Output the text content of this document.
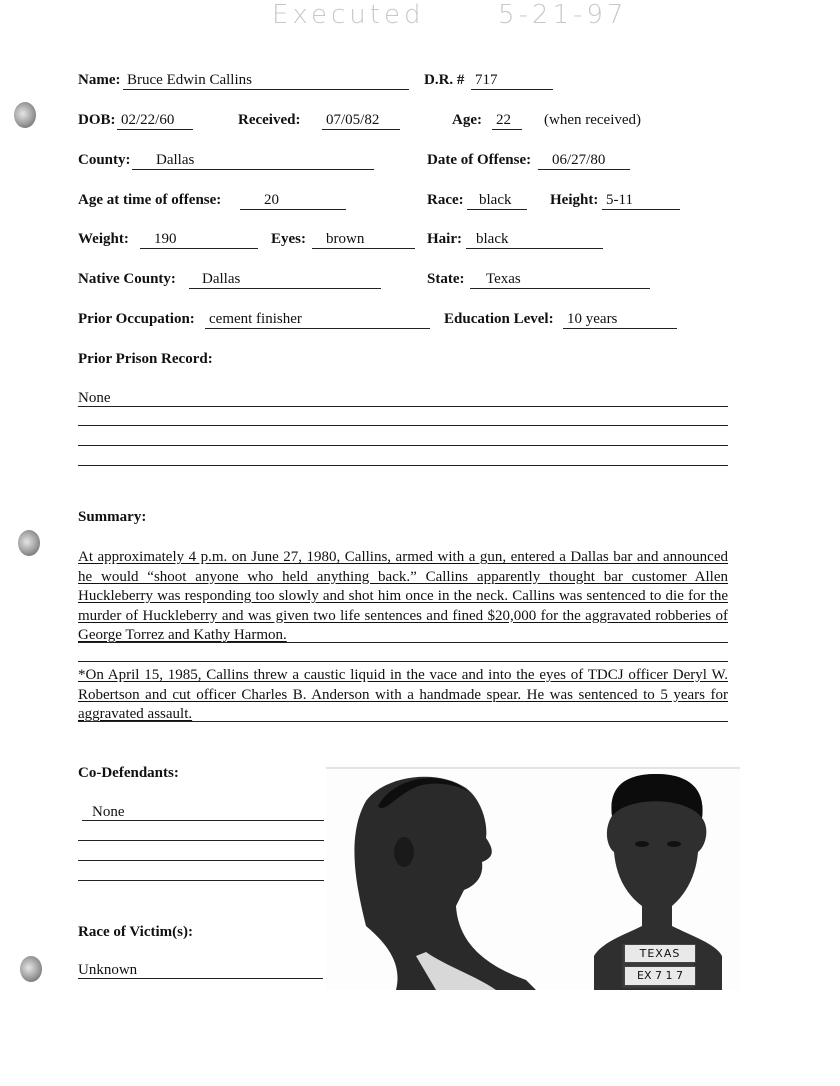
Executed	5-21-97
Name: Bruce Edwin Callins	D.R. # 717
DOB: 02/22/60	Received: 07/05/82	Age: 22	(when received)
County:	Dallas	Date of Offense:	06/27/80
Age at time of offense:	20	Race:	black	Height: 5-11
Weight:	190	Eyes:	brown	Hair: black
Native County:	Dallas	State:	Texas
Prior Occupation: cement finisher	Education Level: 10 years
Prior Prison Record:
None
Summary:
At approximately 4 p.m. on June 27, 1980, Callins, armed with a gun, entered a Dallas bar and announced he would “shoot anyone who held anything back.” Callins apparently thought bar customer Allen Huckleberry was responding too slowly and shot him once in the neck. Callins was sentenced to die for the murder of Huckleberry and was given two life sentences and fined $20,000 for the aggravated robberies of George Torrez and Kathy Harmon.
*On April 15, 1985, Callins threw a caustic liquid in the vace and into the eyes of TDCJ officer Deryl W. Robertson and cut officer Charles B. Anderson with a handmade spear. He was sentenced to 5 years for aggravated assault.
Co-Defendants:
None
Race of Victim(s):
Unknown
TEXAS
EX 7 1 7
